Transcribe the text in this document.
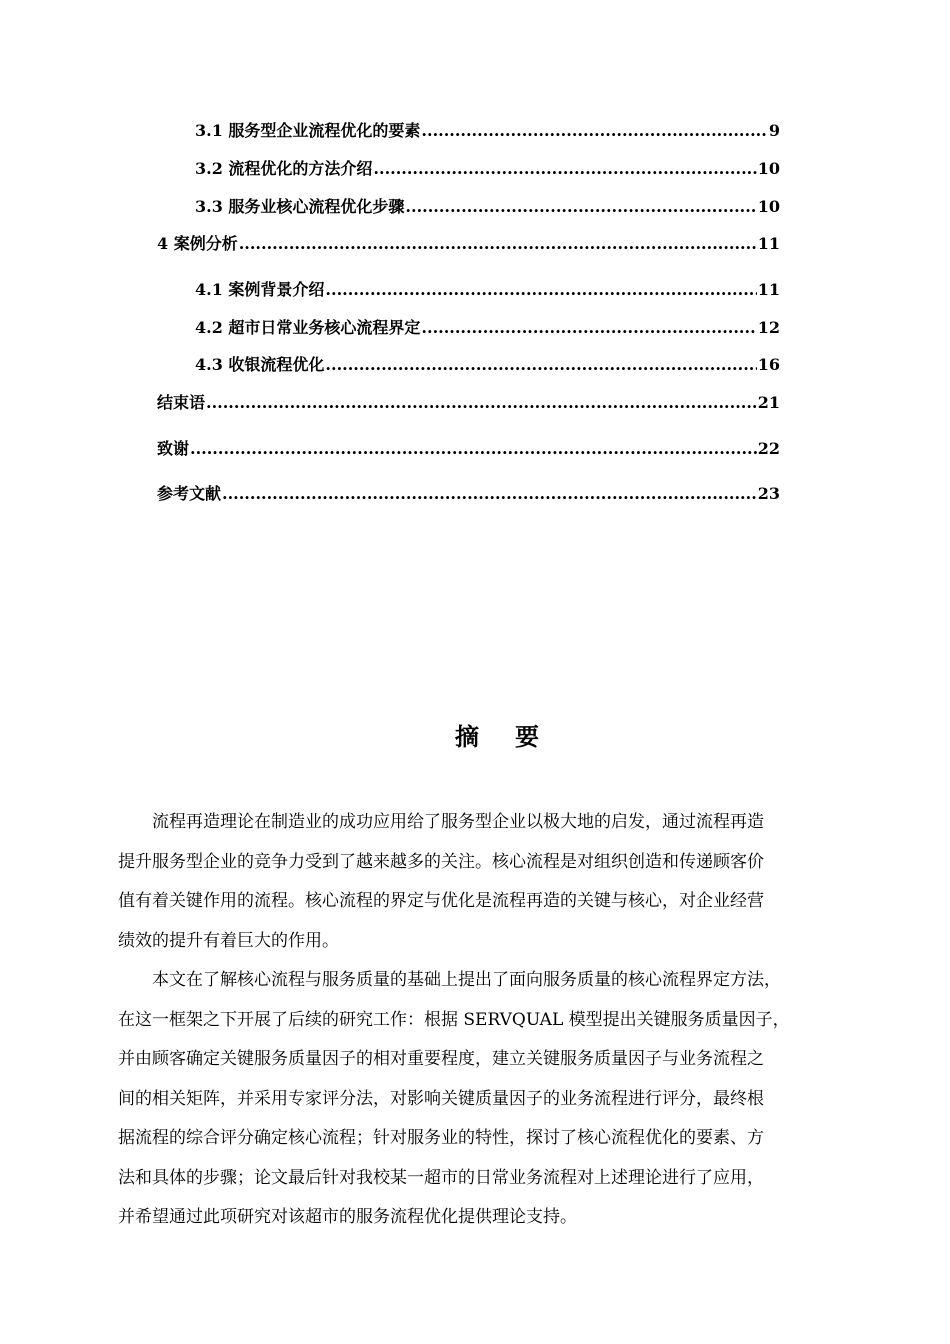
3.1 服务型企业流程优化的要素 .....	9
3.2 流程优化的方法介绍 .....	10
3.3 服务业核心流程优化步骤 .....	10
4 案例分析 .....	11
4.1 案例背景介绍 .....	11
4.2 超市日常业务核心流程界定 .....	12
4.3 收银流程优化 .....	16
结束语 .....	21
致谢 .....	22
参考文献 .....	23
摘要
　　流程再造理论在制造业的成功应用给了服务型企业以极大地的启发，通过流程再造
提升服务型企业的竞争力受到了越来越多的关注。核心流程是对组织创造和传递顾客价
值有着关键作用的流程。核心流程的界定与优化是流程再造的关键与核心，对企业经营
绩效的提升有着巨大的作用。
　　本文在了解核心流程与服务质量的基础上提出了面向服务质量的核心流程界定方法，
在这一框架之下开展了后续的研究工作：根据 SERVQUAL 模型提出关键服务质量因子，
并由顾客确定关键服务质量因子的相对重要程度，建立关键服务质量因子与业务流程之
间的相关矩阵，并采用专家评分法，对影响关键质量因子的业务流程进行评分，最终根
据流程的综合评分确定核心流程；针对服务业的特性，探讨了核心流程优化的要素、方
法和具体的步骤；论文最后针对我校某一超市的日常业务流程对上述理论进行了应用，
并希望通过此项研究对该超市的服务流程优化提供理论支持。
